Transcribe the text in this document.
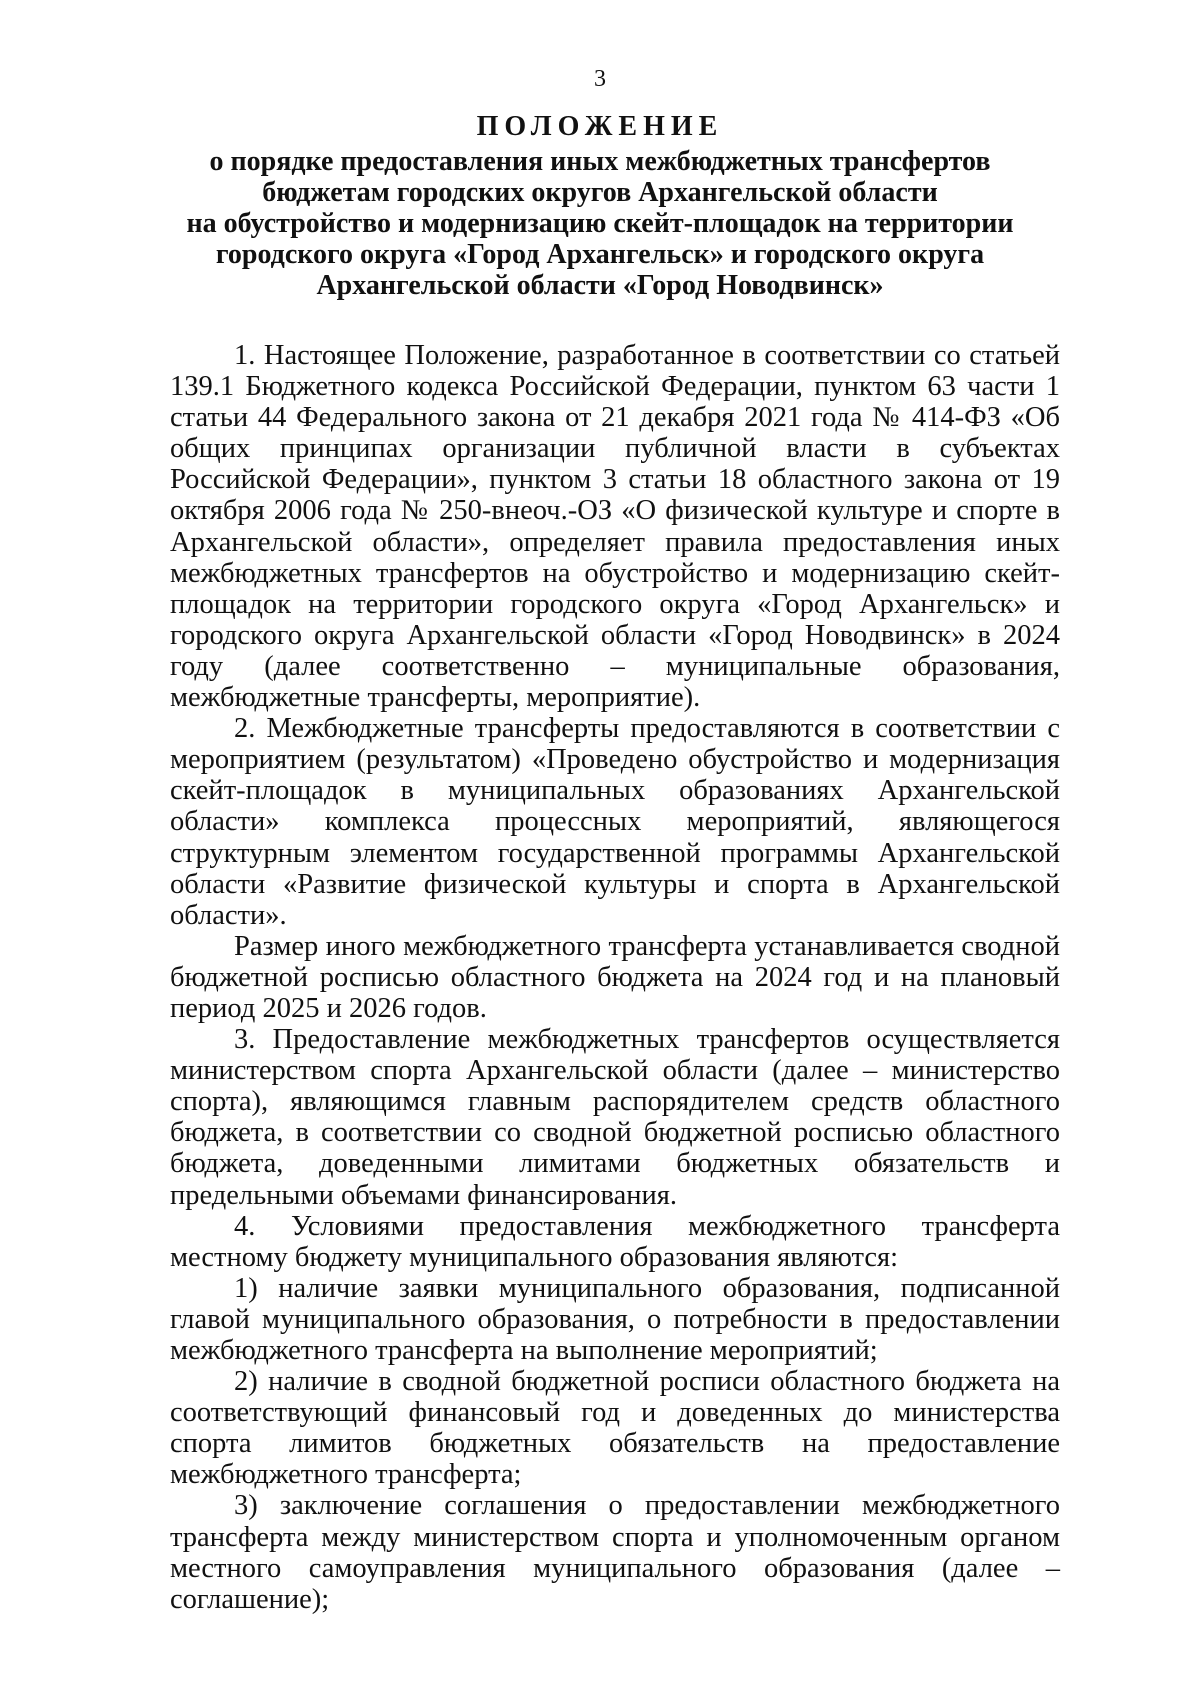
3
ПОЛОЖЕНИЕ
о порядке предоставления иных межбюджетных трансфертов
бюджетам городских округов Архангельской области
на обустройство и модернизацию скейт-площадок на территории
городского округа «Город Архангельск» и городского округа
Архангельской области «Город Новодвинск»

1. Настоящее Положение, разработанное в соответствии со статьей 139.1 Бюджетного кодекса Российской Федерации, пунктом 63 части 1 статьи 44 Федерального закона от 21 декабря 2021 года № 414-ФЗ «Об общих принципах организации публичной власти в субъектах Российской Федерации», пунктом 3 статьи 18 областного закона от 19 октября 2006 года № 250-внеоч.-ОЗ «О физической культуре и спорте в Архангельской области», определяет правила предоставления иных межбюджетных трансфертов на обустройство и модернизацию скейт-площадок на территории городского округа «Город Архангельск» и городского округа Архангельской области «Город Новодвинск» в 2024 году (далее соответственно – муниципальные образования, межбюджетные трансферты, мероприятие).

2. Межбюджетные трансферты предоставляются в соответствии с мероприятием (результатом) «Проведено обустройство и модернизация скейт-площадок в муниципальных образованиях Архангельской области» комплекса процессных мероприятий, являющегося структурным элементом государственной программы Архангельской области «Развитие физической культуры и спорта в Архангельской области».

Размер иного межбюджетного трансферта устанавливается сводной бюджетной росписью областного бюджета на 2024 год и на плановый период 2025 и 2026 годов.

3. Предоставление межбюджетных трансфертов осуществляется министерством спорта Архангельской области (далее – министерство спорта), являющимся главным распорядителем средств областного бюджета, в соответствии со сводной бюджетной росписью областного бюджета, доведенными лимитами бюджетных обязательств и предельными объемами финансирования.

4. Условиями предоставления межбюджетного трансферта местному бюджету муниципального образования являются:

1) наличие заявки муниципального образования, подписанной главой муниципального образования, о потребности в предоставлении межбюджетного трансферта на выполнение мероприятий;

2) наличие в сводной бюджетной росписи областного бюджета на соответствующий финансовый год и доведенных до министерства спорта лимитов бюджетных обязательств на предоставление межбюджетного трансферта;

3) заключение соглашения о предоставлении межбюджетного трансферта между министерством спорта и уполномоченным органом местного самоуправления муниципального образования (далее – соглашение);
